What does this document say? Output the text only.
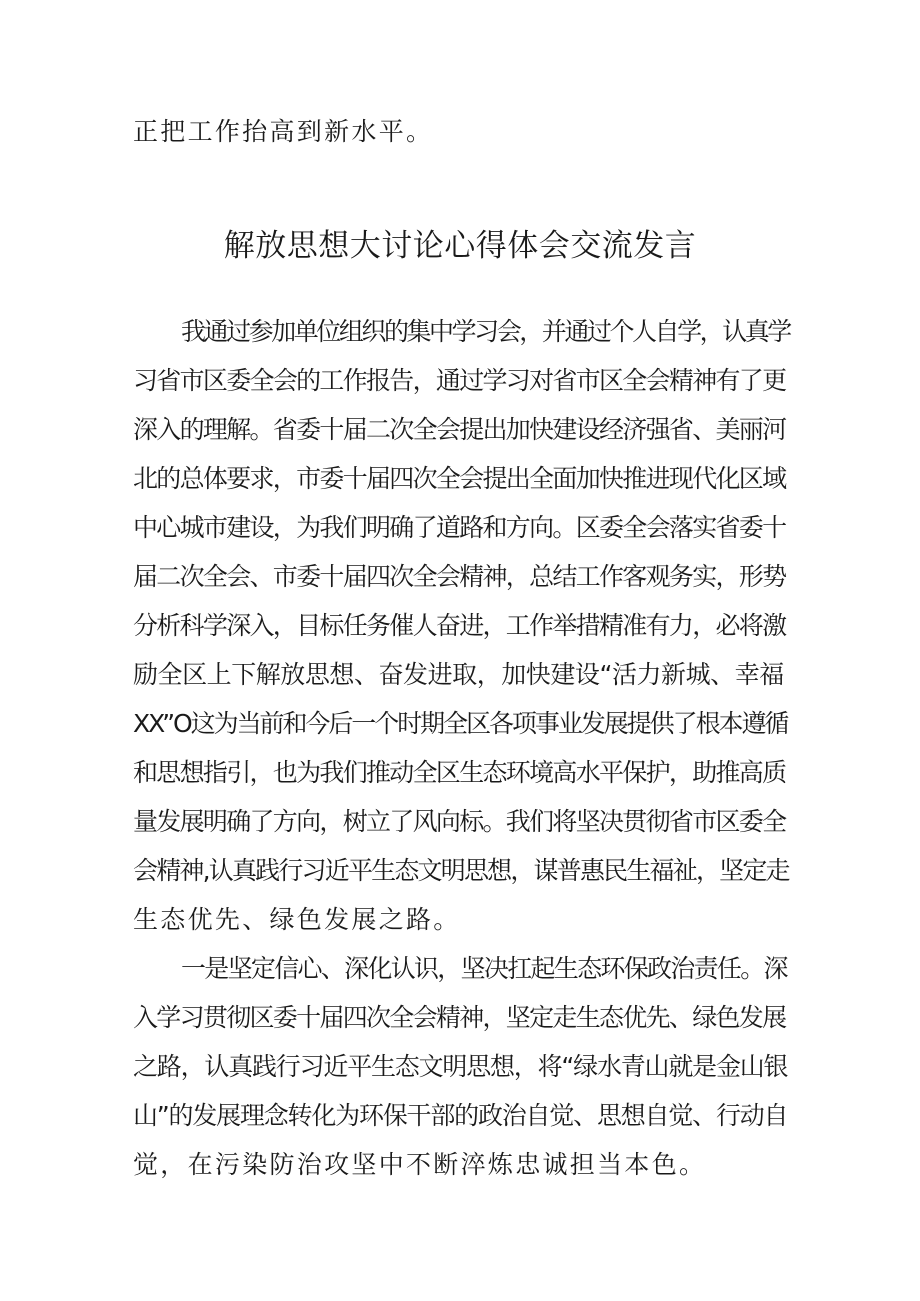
正把工作抬高到新水平。
解放思想大讨论心得体会交流发言
我通过参加单位组织的集中学习会，并通过个人自学，认真学
习省市区委全会的工作报告，通过学习对省市区全会精神有了更
深入的理解。省委十届二次全会提出加快建设经济强省、美丽河
北的总体要求，市委十届四次全会提出全面加快推进现代化区域
中心城市建设，为我们明确了道路和方向。区委全会落实省委十
届二次全会、市委十届四次全会精神，总结工作客观务实，形势
分析科学深入，目标任务催人奋进，工作举措精准有力，必将激
励全区上下解放思想、奋发进取，加快建设“活力新城、幸福
XX”O这为当前和今后一个时期全区各项事业发展提供了根本遵循
和思想指引，也为我们推动全区生态环境高水平保护，助推高质
量发展明确了方向，树立了风向标。我们将坚决贯彻省市区委全
会精神,认真践行习近平生态文明思想，谋普惠民生福祉，坚定走
生态优先、绿色发展之路。
一是坚定信心、深化认识，坚决扛起生态环保政治责任。深
入学习贯彻区委十届四次全会精神，坚定走生态优先、绿色发展
之路，认真践行习近平生态文明思想，将“绿水青山就是金山银
山”的发展理念转化为环保干部的政治自觉、思想自觉、行动自
觉，在污染防治攻坚中不断淬炼忠诚担当本色。
